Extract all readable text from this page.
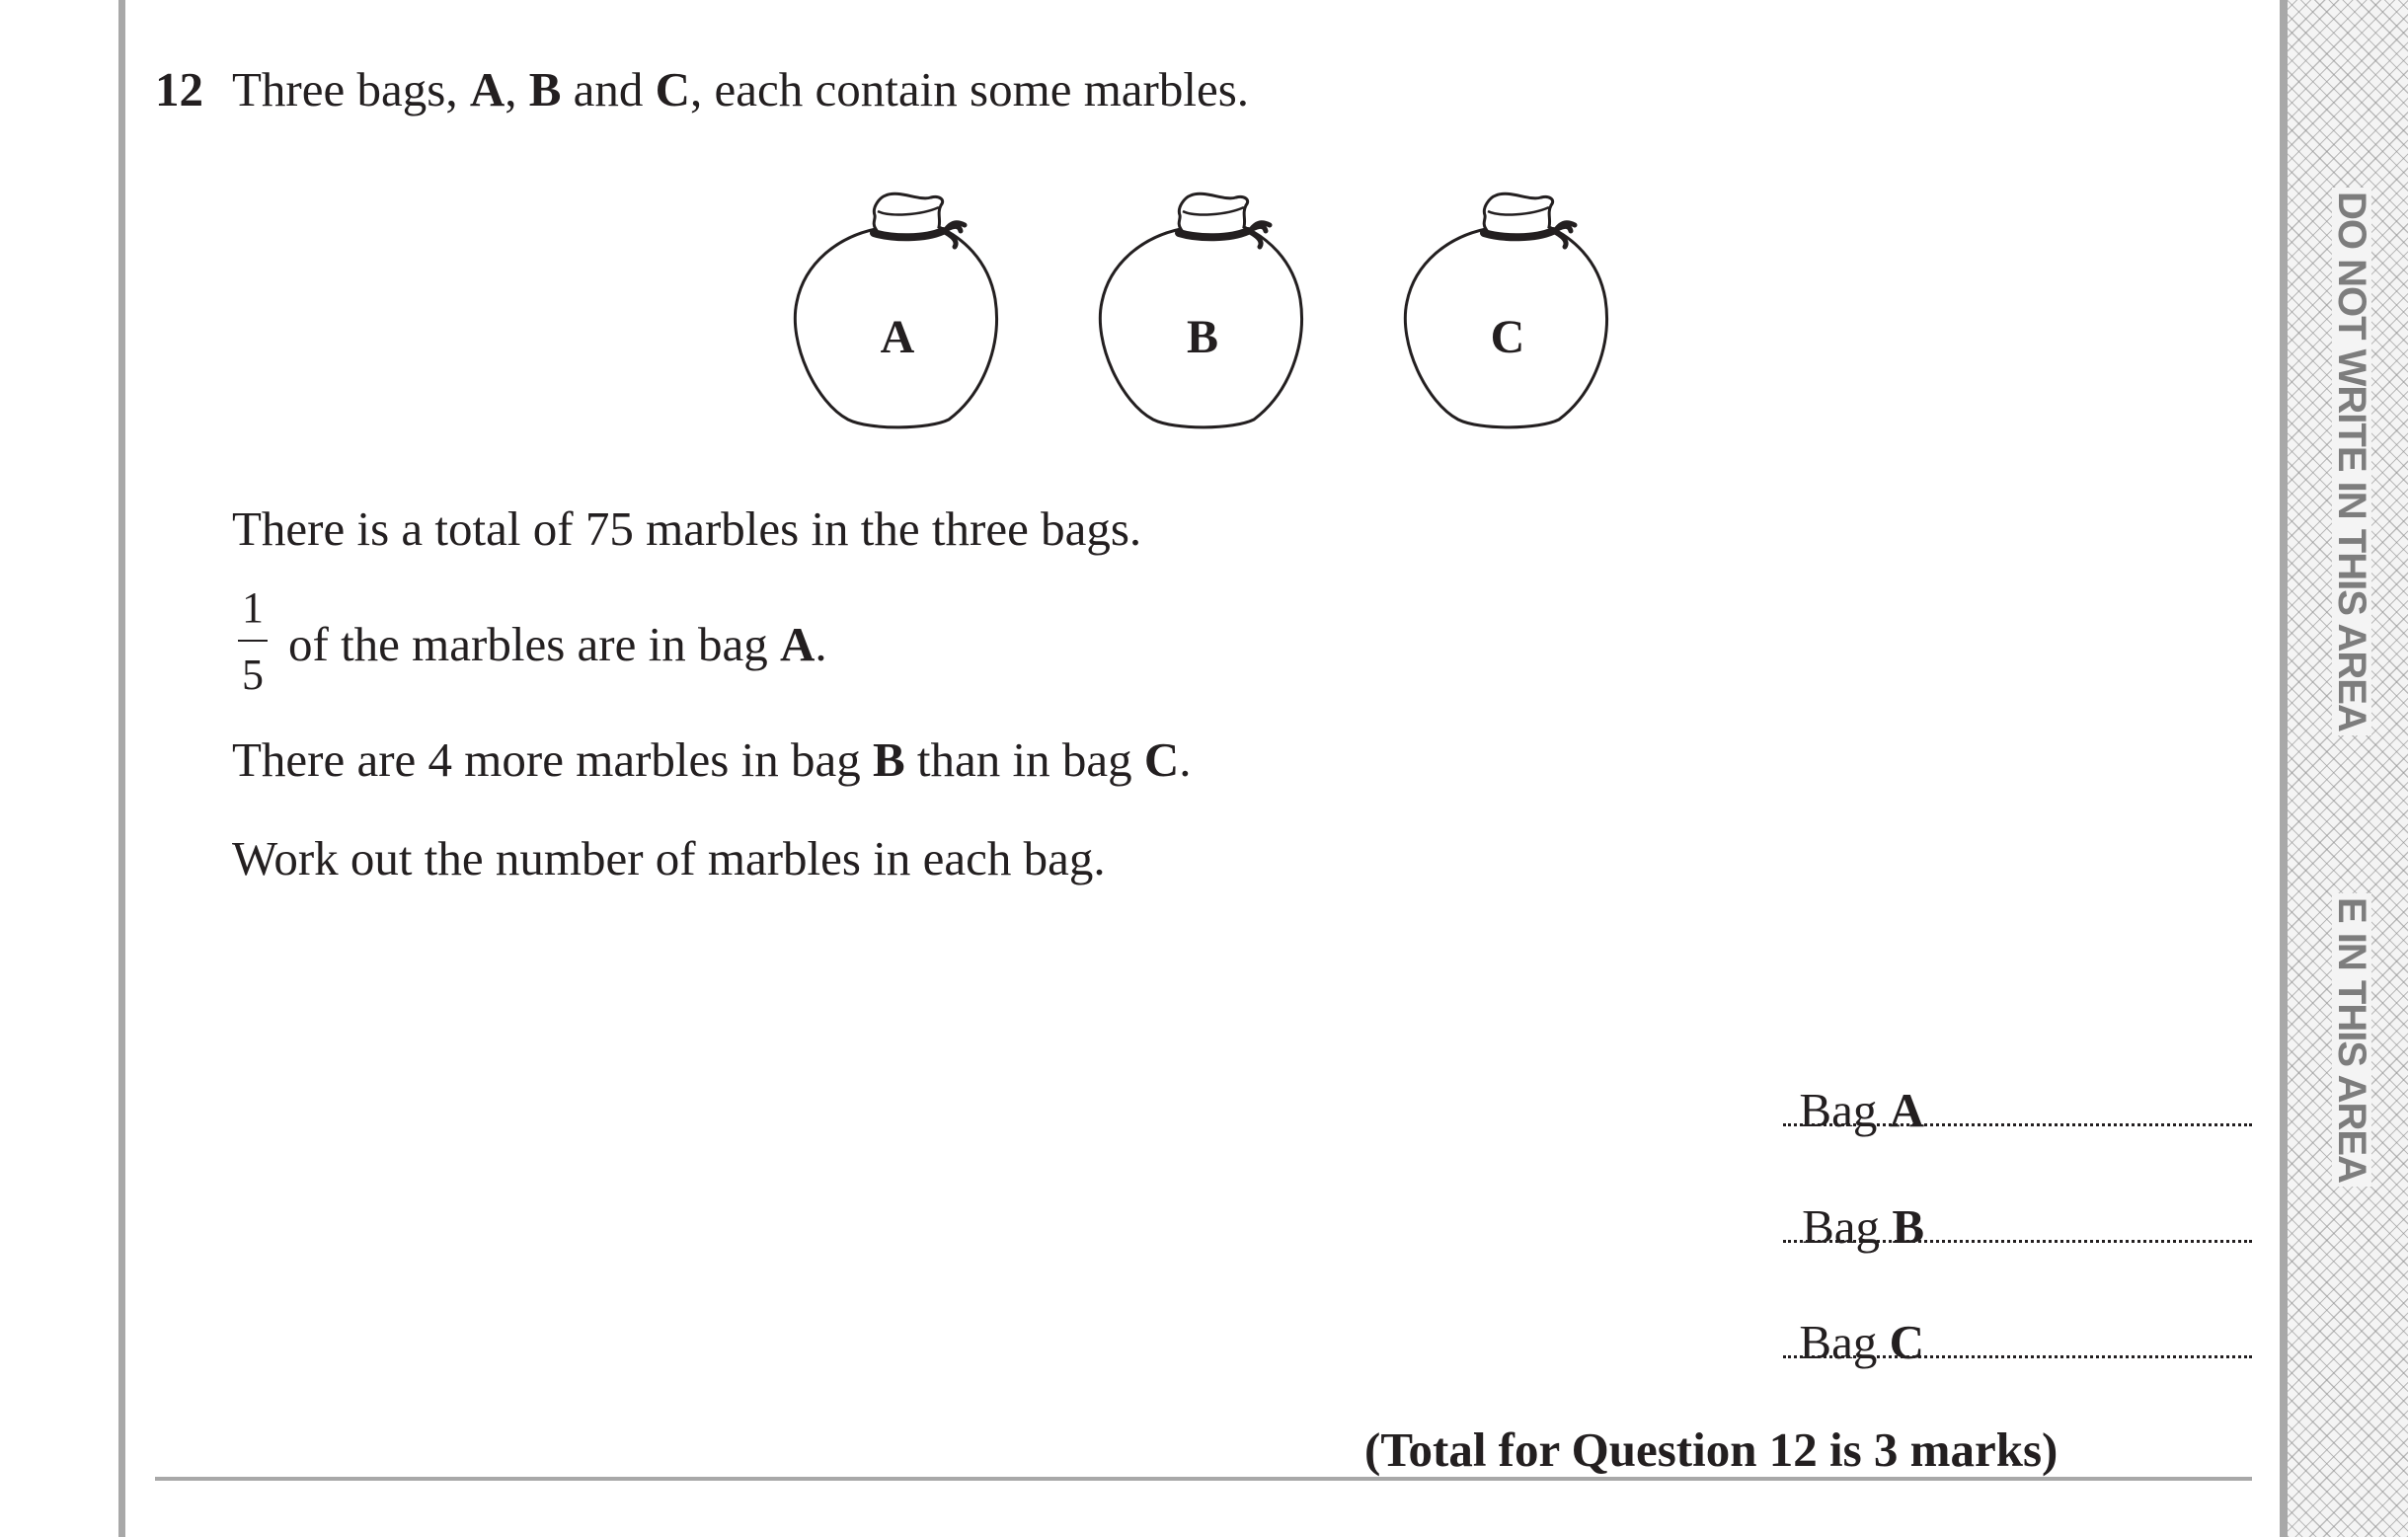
DO NOT WRITE IN THIS AREA
E IN THIS AREA
12 Three bags, A, B and C, each contain some marbles.
A	B	C
There is a total of 75 marbles in the three bags.
1
5
of the marbles are in bag A.
There are 4 more marbles in bag B than in bag C.
Work out the number of marbles in each bag.
Bag A
Bag B
Bag C
(Total for Question 12 is 3 marks)
